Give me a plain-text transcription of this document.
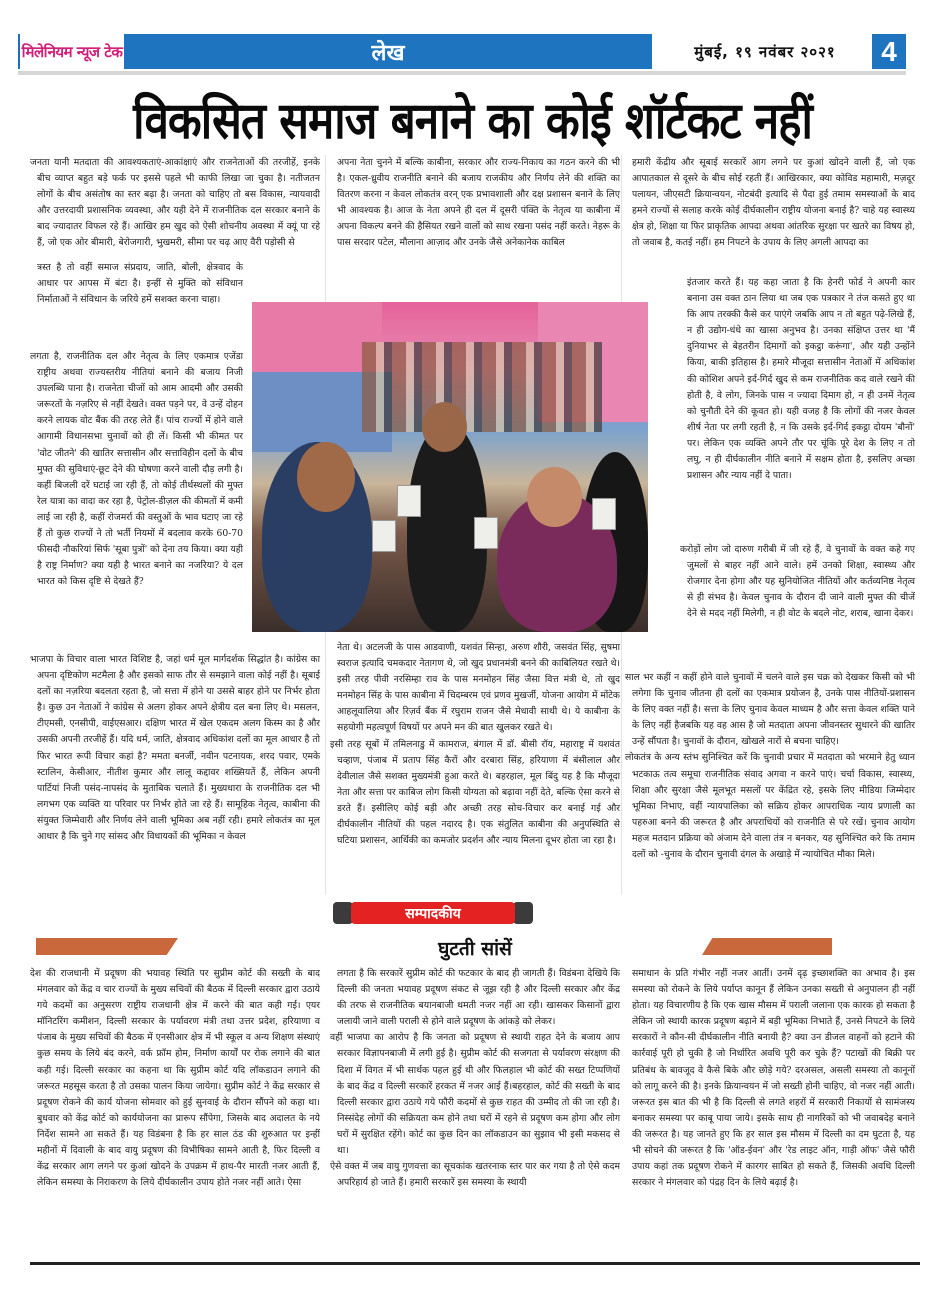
मिलेनियम न्यूज टेक	लेख	मुंबई, १९ नवंबर २०२१ 4
विकसित समाज बनाने का कोई शॉर्टकट नहीं

जनता यानी मतदाता की आवश्यकताएं-आकांक्षाएं और राजनेताओं की तरजीहें, इनके बीच व्याप्त बहुत बड़े फर्क पर इससे पहले भी काफी लिखा जा चुका है। नतीजतन लोगों के बीच असंतोष का स्तर बढ़ा है। जनता को चाहिए तो बस विकास, न्यायवादी और उत्तरदायी प्रशासनिक व्यवस्था, और यही देने में राजनीतिक दल सरकार बनाने के बाद ज्यादातर विफल रहे हैं। आखिर हम खुद को ऐसी शोचनीय अवस्था में क्यूं पा रहे हैं, जो एक ओर बीमारी, बेरोजगारी, भुखमरी, सीमा पर चढ़ आए वैरी पड़ोसी से

त्रस्त है तो वहीं समाज संप्रदाय, जाति, बोली, क्षेत्रवाद के आधार पर आपस में बंटा है। इन्हीं से मुक्ति को संविधान निर्माताओं ने संविधान के जरिये हमें सशक्त करना चाहा।

लगता है, राजनीतिक दल और नेतृत्व के लिए एकमात्र एजेंडा राष्ट्रीय अथवा राज्यस्तरीय नीतियां बनाने की बजाय निजी उपलब्धि पाना है। राजनेता चीजों को आम आदमी और उसकी जरूरतों के नज़रिए से नहीं देखते। वक्त पड़ने पर, वे उन्हें दोहन करने लायक वोट बैंक की तरह लेते हैं। पांच राज्यों में होने वाले आगामी विधानसभा चुनावों को ही लें। किसी भी कीमत पर 'वोट जीतने' की खातिर सत्तासीन और सत्ताविहीन दलों के बीच मुफ्त की सुविधाएं-छूट देने की घोषणा करने वाली दौड़ लगी है। कहीं बिजली दरें घटाई जा रही हैं, तो कोई तीर्थस्थलों की मुफ्त रेल यात्रा का वादा कर रहा है, पेट्रोल-डीज़ल की कीमतों में कमी लाई जा रही है, कहीं रोजमर्रा की वस्तुओं के भाव घटाए जा रहे हैं तो कुछ राज्यों ने तो भर्ती नियमों में बदलाव करके 60-70 फीसदी नौकरियां सिर्फ 'सूबा पुत्रों' को देना तय किया। क्या यही है राष्ट्र निर्माण? क्या यही है भारत बनाने का नजरिया? ये दल भारत को किस दृष्टि से देखते हैं?

भाजपा के विचार वाला भारत विशिष्ट है, जहां धर्म मूल मार्गदर्शक सिद्धांत है। कांग्रेस का अपना दृष्टिकोण मटमैला है और इसको साफ तौर से समझाने वाला कोई नहीं है। सूबाई दलों का नज़रिया बदलता रहता है, जो सत्ता में होने या उससे बाहर होने पर निर्भर होता है। कुछ उन नेताओं ने कांग्रेस से अलग होकर अपने क्षेत्रीय दल बना लिए थे। मसलन, टीएमसी, एनसीपी, वाईएसआर। दक्षिण भारत में खेल एकदम अलग किस्म का है और उसकी अपनी तरजीहें हैं। यदि धर्म, जाति, क्षेत्रवाद अधिकांश दलों का मूल आधार है तो फिर भारत रूपी विचार कहां है? ममता बनर्जी, नवीन पटनायक, शरद पवार, एमके स्टालिन, केसीआर, नीतीश कुमार और लालू कद्दावर शख्सियतें हैं, लेकिन अपनी पार्टियां निजी पसंद-नापसंद के मुताबिक चलाते हैं। मुख्यधारा के राजनीतिक दल भी लगभग एक व्यक्ति या परिवार पर निर्भर होते जा रहे हैं। सामूहिक नेतृत्व, काबीना की संयुक्त जिम्मेवारी और निर्णय लेने वाली भूमिका अब नहीं रही। हमारे लोकतंत्र का मूल आधार है कि चुने गए सांसद और विधायकों की भूमिका न केवल

अपना नेता चुनने में बल्कि काबीना, सरकार और राज्य-निकाय का गठन करने की भी है। एकल-ध्रुवीय राजनीति बनाने की बजाय राजकीय और निर्णय लेने की शक्ति का वितरण करना न केवल लोकतंत्र वरन् एक प्रभावशाली और दक्ष प्रशासन बनाने के लिए भी आवश्यक है। आज के नेता अपने ही दल में दूसरी पंक्ति के नेतृत्व या काबीना में अपना विकल्प बनने की हैसियत रखने वालों को साथ रखना पसंद नहीं करते। नेहरू के पास सरदार पटेल, मौलाना आज़ाद और उनके जैसे अनेकानेक काबिल

नेता थे। अटलजी के पास आडवाणी, यशवंत सिन्हा, अरुण शौरी, जसवंत सिंह, सुषमा स्वराज इत्यादि चमकदार नेतागण थे, जो खुद प्रधानमंत्री बनने की काबिलियत रखते थे। इसी तरह पीवी नरसिम्हा राव के पास मनमोहन सिंह जैसा वित्त मंत्री थे, तो खुद मनमोहन सिंह के पास काबीना में चिदम्बरम एवं प्रणव मुखर्जी, योजना आयोग में मोंटेक आहलूवालिया और रिज़र्व बैंक में रघुराम राजन जैसे मेधावी साथी थे। ये काबीना के सहयोगी महत्वपूर्ण विषयों पर अपने मन की बात खुलकर रखते थे।

इसी तरह सूबों में तमिलनाडु में कामराज, बंगाल में डॉ. बीसी रॉय, महाराष्ट्र में यशवंत चव्हाण, पंजाब में प्रताप सिंह कैरों और दरबारा सिंह, हरियाणा में बंसीलाल और देवीलाल जैसे सशक्त मुख्यमंत्री हुआ करते थे। बहरहाल, मूल बिंदु यह है कि मौजूदा नेता और सत्ता पर काबिज लोग किसी योग्यता को बढ़ावा नहीं देते, बल्कि ऐसा करने से डरते हैं। इसीलिए कोई बड़ी और अच्छी तरह सोच-विचार कर बनाई गई और दीर्घकालीन नीतियों की पहल नदारद है। एक संतुलित काबीना की अनुपस्थिति से घटिया प्रशासन, आर्थिकी का कमजोर प्रदर्शन और न्याय मिलना दूभर होता जा रहा है।

हमारी केंद्रीय और सूबाई सरकारें आग लगने पर कुआं खोदने वाली हैं, जो एक आपातकाल से दूसरे के बीच सोई रहती हैं। आखिरकार, क्या कोविड महामारी, मज़दूर पलायन, जीएसटी क्रियान्वयन, नोटबंदी इत्यादि से पैदा हुई तमाम समस्याओं के बाद हमने राज्यों से सलाह करके कोई दीर्घकालीन राष्ट्रीय योजना बनाई है? चाहे यह स्वास्थ्य क्षेत्र हो, शिक्षा या फिर प्राकृतिक आपदा अथवा आंतरिक सुरक्षा पर खतरे का विषय हो, तो जवाब है, कतई नहीं। हम निपटने के उपाय के लिए अगली आपदा का

इंतजार करते हैं। यह कहा जाता है कि हेनरी फोर्ड ने अपनी कार बनाना उस वक्त ठान लिया था जब एक पत्रकार ने तंज कसते हुए था कि आप तरक्की कैसे कर पाएंगे जबकि आप न तो बहुत पढ़े-लिखे हैं, न ही उद्योग-धंधे का खासा अनुभव है। उनका संक्षिप्त उत्तर था 'मैं दुनियाभर से बेहतरीन दिमागों को इकट्ठा करूंगा', और यही उन्होंने किया, बाकी इतिहास है। हमारे मौजूदा सत्तासीन नेताओं में अधिकांश की कोशिश अपने इर्द-गिर्द खुद से कम राजनीतिक कद वाले रखने की होती है, वे लोग, जिनके पास न ज्यादा दिमाग हो, न ही उनमें नेतृत्व को चुनौती देने की कूवत हो। यही वजह है कि लोगों की नजर केवल शीर्ष नेता पर लगी रहती है, न कि उसके इर्द-गिर्द इकट्ठा दोयम 'बौनों' पर। लेकिन एक व्यक्ति अपने तौर पर चूंकि पूरे देश के लिए न तो लघु, न ही दीर्घकालीन नीति बनाने में सक्षम होता है, इसलिए अच्छा प्रशासन और न्याय नहीं दे पाता।

करोड़ों लोग जो दारुण गरीबी में जी रहे हैं, वे चुनावों के वक्त कहे गए जुमलों से बाहर नहीं आने वाले। हमें उनको शिक्षा, स्वास्थ्य और रोजगार देना होगा और यह सुनियोजित नीतियों और कर्तव्यनिष्ठ नेतृत्व से ही संभव है। केवल चुनाव के दौरान दी जाने वाली मुफ्त की चीजें देने से मदद नहीं मिलेगी, न ही वोट के बदले नोट, शराब, खाना देकर।

साल भर कहीं न कहीं होने वाले चुनावों में चलने वाले इस चक्र को देखकर किसी को भी लगेगा कि चुनाव जीतना ही दलों का एकमात्र प्रयोजन है, उनके पास नीतियों-प्रशासन के लिए वक्त नहीं है। सत्ता के लिए चुनाव केवल माध्यम है और सत्ता केवल शक्ति पाने के लिए नहीं हैजबकि यह वह आस है जो मतदाता अपना जीवनस्तर सुधारने की खातिर उन्हें सौंपता है। चुनावों के दौरान, खोखले नारों से बचना चाहिए।

लोकतंत्र के अन्य स्तंभ सुनिश्चित करें कि चुनावी प्रचार में मतदाता को भरमाने हेतु ध्यान भटकाऊ तत्व समूचा राजनीतिक संवाद अगवा न करने पाएं। चर्चा विकास, स्वास्थ्य, शिक्षा और सुरक्षा जैसे मूलभूत मसलों पर केंद्रित रहे, इसके लिए मीडिया जिम्मेदार भूमिका निभाए, वहीं न्यायपालिका को सक्रिय होकर आपराधिक न्याय प्रणाली का पहरुआ बनने की जरूरत है और अपराधियों को राजनीति से परे रखें। चुनाव आयोग महज मतदान प्रक्रिया को अंजाम देने वाला तंत्र न बनकर, यह सुनिश्चित करे कि तमाम दलों को -चुनाव के दौरान चुनावी दंगल के अखाड़े में न्यायोचित मौका मिले।

सम्पादकीय
घुटती सांसें

देश की राजधानी में प्रदूषण की भयावह स्थिति पर सुप्रीम कोर्ट की सख्ती के बाद मंगलवार को केंद्र व चार राज्यों के मुख्य सचिवों की बैठक में दिल्ली सरकार द्वारा उठाये गये कदमों का अनुसरण राष्ट्रीय राजधानी क्षेत्र में करने की बात कही गई। एयर मॉनिटरिंग कमीशन, दिल्ली सरकार के पर्यावरण मंत्री तथा उत्तर प्रदेश, हरियाणा व पंजाब के मुख्य सचिवों की बैठक में एनसीआर क्षेत्र में भी स्कूल व अन्य शिक्षण संस्थाएं कुछ समय के लिये बंद करने, वर्क फ्रॉम होम, निर्माण कार्यों पर रोक लगाने की बात कही गई। दिल्ली सरकार का कहना था कि सुप्रीम कोर्ट यदि लॉकडाउन लगाने की जरूरत महसूस करता है तो उसका पालन किया जायेगा। सुप्रीम कोर्ट ने केंद्र सरकार से प्रदूषण रोकने की कार्य योजना सोमवार को हुई सुनवाई के दौरान सौंपने को कहा था। बुधवार को केंद्र कोर्ट को कार्ययोजना का प्रारूप सौंपेगा, जिसके बाद अदालत के नये निर्देश सामने आ सकते हैं। यह विडंबना है कि हर साल ठंड की शुरुआत पर इन्हीं महीनों में दिवाली के बाद वायु प्रदूषण की विभीषिका सामने आती है, फिर दिल्ली व केंद्र सरकार आग लगने पर कुआं खोदने के उपक्रम में हाथ-पैर मारती नजर आती हैं, लेकिन समस्या के निराकरण के लिये दीर्घकालीन उपाय होते नजर नहीं आते। ऐसा

लगता है कि सरकारें सुप्रीम कोर्ट की फटकार के बाद ही जागती हैं। विडंबना देखिये कि दिल्ली की जनता भयावह प्रदूषण संकट से जूझ रही है और दिल्ली सरकार और केंद्र की तरफ से राजनीतिक बयानबाजी थमती नजर नहीं आ रही। खासकर किसानों द्वारा जलायी जाने वाली पराली से होने वाले प्रदूषण के आंकड़े को लेकर।

वहीं भाजपा का आरोप है कि जनता को प्रदूषण से स्थायी राहत देने के बजाय आप सरकार विज्ञापनबाजी में लगी हुई है। सुप्रीम कोर्ट की सजगता से पर्यावरण संरक्षण की दिशा में विगत में भी सार्थक पहल हुई थी और फिलहाल भी कोर्ट की सख्त टिप्पणियों के बाद केंद्र व दिल्ली सरकारें हरकत में नजर आई हैं।बहरहाल, कोर्ट की सख्ती के बाद दिल्ली सरकार द्वारा उठाये गये फौरी कदमों से कुछ राहत की उम्मीद तो की जा रही है। निस्संदेह लोगों की सक्रियता कम होने तथा घरों में रहने से प्रदूषण कम होगा और लोग घरों में सुरक्षित रहेंगे। कोर्ट का कुछ दिन का लॉकडाउन का सुझाव भी इसी मकसद से था।

ऐसे वक्त में जब वायु गुणवत्ता का सूचकांक खतरनाक स्तर पार कर गया है तो ऐसे कदम अपरिहार्य हो जाते हैं। हमारी सरकारें इस समस्या के स्थायी

समाधान के प्रति गंभीर नहीं नजर आतीं। उनमें दृढ़ इच्छाशक्ति का अभाव है। इस समस्या को रोकने के लिये पर्याप्त कानून हैं लेकिन उनका सख्ती से अनुपालन ही नहीं होता। यह विचारणीय है कि एक खास मौसम में पराली जलाना एक कारक हो सकता है लेकिन जो स्थायी कारक प्रदूषण बढ़ाने में बड़ी भूमिका निभाते हैं, उनसे निपटने के लिये सरकारों ने कौन-सी दीर्घकालीन नीति बनायी है? क्या उन डीजल वाहनों को हटाने की कार्रवाई पूरी हो चुकी है जो निर्धारित अवधि पूरी कर चुके हैं? पटाखों की बिक्री पर प्रतिबंध के बावजूद वे कैसे बिके और छोड़े गये? दरअसल, असली समस्या तो कानूनों को लागू करने की है। इनके क्रियान्वयन में जो सख्ती होनी चाहिए, वो नजर नहीं आती। जरूरत इस बात की भी है कि दिल्ली से लगते शहरों में सरकारी निकायों से सामंजस्य बनाकर समस्या पर काबू पाया जाये। इसके साथ ही नागरिकों को भी जवाबदेह बनाने की जरूरत है। यह जानते हुए कि हर साल इस मौसम में दिल्ली का दम घुटता है, यह भी सोचने की जरूरत है कि 'ऑड-ईवन' और 'रेड लाइट ऑन, गाड़ी ऑफ' जैसे फौरी उपाय कहां तक प्रदूषण रोकने में कारगर साबित हो सकते हैं, जिसकी अवधि दिल्ली सरकार ने मंगलवार को पंद्रह दिन के लिये बढ़ाई है।
